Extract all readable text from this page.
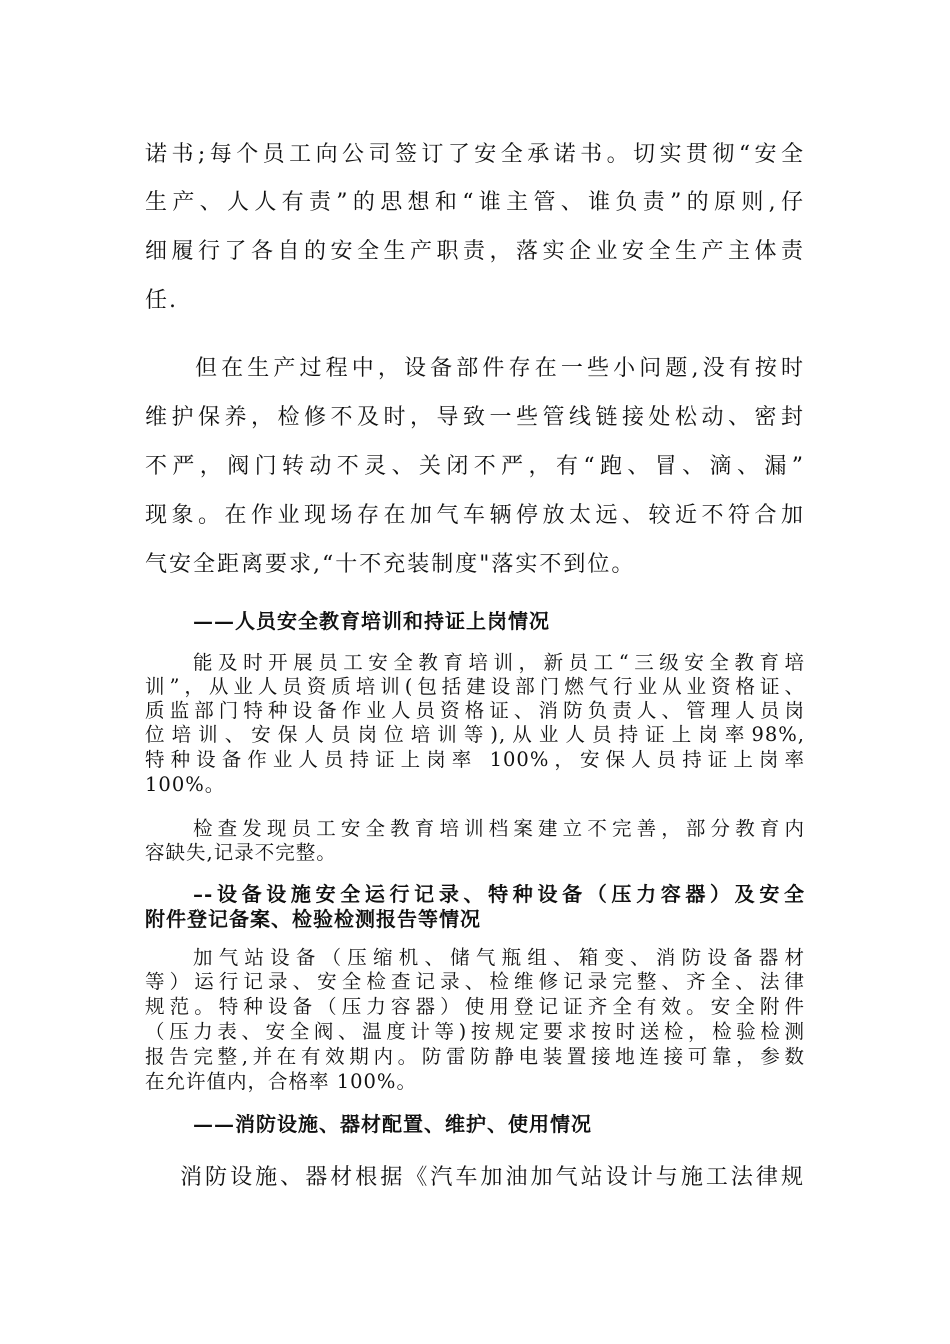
诺书;每个员工向公司签订了安全承诺书。切实贯彻“安全
生产、人人有责”的思想和“谁主管、谁负责”的原则,仔
细履行了各自的安全生产职责，落实企业安全生产主体责
任.
但在生产过程中，设备部件存在一些小问题,没有按时
维护保养，检修不及时，导致一些管线链接处松动、密封
不严，阀门转动不灵、关闭不严，有“跑、冒、滴、漏”
现象。在作业现场存在加气车辆停放太远、较近不符合加
气安全距离要求,“十不充装制度"落实不到位。
——人员安全教育培训和持证上岗情况
能及时开展员工安全教育培训，新员工“三级安全教育培
训”，从业人员资质培训(包括建设部门燃气行业从业资格证、
质监部门特种设备作业人员资格证、消防负责人、管理人员岗
位培训、安保人员岗位培训等),从业人员持证上岗率98%,
特种设备作业人员持证上岗率 100%，安保人员持证上岗率
100%。
检查发现员工安全教育培训档案建立不完善，部分教育内
容缺失,记录不完整。
–-设备设施安全运行记录、特种设备（压力容器）及安全
附件登记备案、检验检测报告等情况
加气站设备（压缩机、储气瓶组、箱变、消防设备器材
等）运行记录、安全检查记录、检维修记录完整、齐全、法律
规范。特种设备（压力容器）使用登记证齐全有效。安全附件
（压力表、安全阀、温度计等)按规定要求按时送检，检验检测
报告完整,并在有效期内。防雷防静电装置接地连接可靠，参数
在允许值内，合格率 100%。
——消防设施、器材配置、维护、使用情况
消防设施、器材根据《汽车加油加气站设计与施工法律规
